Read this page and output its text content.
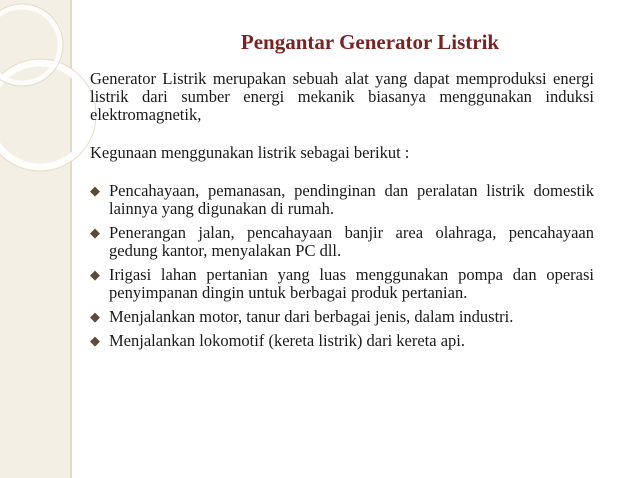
Pengantar Generator Listrik

Generator Listrik merupakan sebuah alat yang dapat memproduksi energi listrik dari sumber energi mekanik biasanya menggunakan induksi elektromagnetik,

Kegunaan menggunakan listrik sebagai berikut :

◆ Pencahayaan, pemanasan, pendinginan dan peralatan listrik domestik lainnya yang digunakan di rumah.
◆ Penerangan jalan, pencahayaan banjir area olahraga, pencahayaan gedung kantor, menyalakan PC dll.
◆ Irigasi lahan pertanian yang luas menggunakan pompa dan operasi penyimpanan dingin untuk berbagai produk pertanian.
◆ Menjalankan motor, tanur dari berbagai jenis, dalam industri.
◆ Menjalankan lokomotif (kereta listrik) dari kereta api.
